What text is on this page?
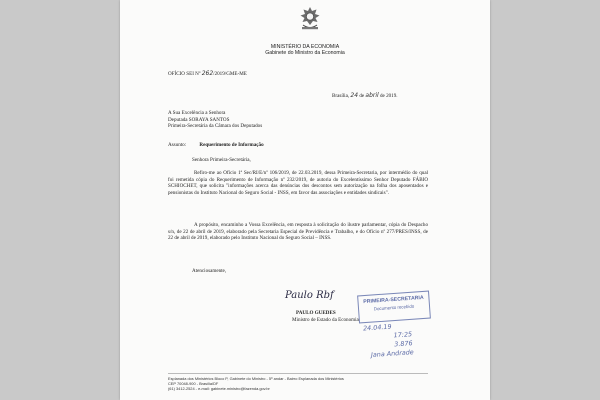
MINISTÉRIO DA ECONOMIA
Gabinete do Ministro da Economia
OFÍCIO SEI Nº 262/2019/GME-ME
Brasília, 24 de abril de 2019.
A Sua Excelência a Senhora
Deputada SORAYA SANTOS
Primeira-Secretária da Câmara dos Deputados
Assunto:	Requerimento de Informação
Senhora Primeira-Secretária,
Refiro-me ao Ofício 1ª Sec/RI/E/nº 106/2019, de 22.03.2019, dessa Primeira-Secretaria, por intermédio do qual foi remetida cópia do Requerimento de Informação nº 232/2019, de autoria do Excelentíssimo Senhor Deputado FÁBIO SCHIOCHET, que solicita "informações acerca das denúncias dos descontos sem autorização na folha dos aposentados e pensionistas do Instituto Nacional do Seguro Social - INSS, em favor das associações e entidades sindicais".
A propósito, encaminho a Vossa Excelência, em resposta à solicitação do ilustre parlamentar, cópia do Despacho s/n, de 22 de abril de 2019, elaborado pela Secretaria Especial de Previdência e Trabalho, e do Ofício nº 277/PRES/INSS, de 22 de abril de 2019, elaborado pelo Instituto Nacional do Seguro Social – INSS.
Atenciosamente,
Paulo Rbf
PAULO GUEDES
Ministro de Estado da Economia
PRIMEIRA-SECRETARIA
Documento recebido
24.04.19
17:25
3.876
Jana Andrade
Esplanada dos Ministérios Bloco P, Gabinete do Ministro - 5º andar - Bairro Esplanada dos Ministérios
CEP 70048-900 - Brasília/DF
(61) 3412-2524 - e-mail: gabinete.ministro@fazenda.gov.br
